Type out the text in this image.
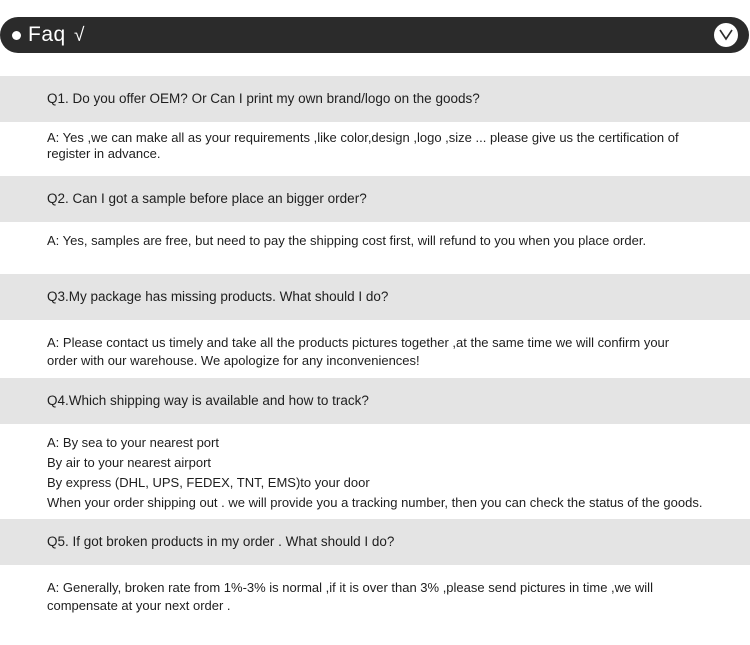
Faq √
Q1. Do you offer OEM? Or Can I print my own brand/logo on the goods?
A: Yes ,we can make all as your requirements ,like color,design ,logo ,size ... please give us the certification of
register in advance.
Q2. Can I got a sample before place an bigger order?
A: Yes, samples are free, but need to pay the shipping cost first, will refund to you when you place order.
Q3.My package has missing products. What should I do?
A: Please contact us timely and take all the products pictures together ,at the same time we will confirm your
order with our warehouse. We apologize for any inconveniences!
Q4.Which shipping way is available and how to track?
A: By sea to your nearest port
By air to your nearest airport
By express (DHL, UPS, FEDEX, TNT, EMS)to your door
When your order shipping out . we will provide you a tracking number, then you can check the status of the goods.
Q5. If got broken products in my order . What should I do?
A: Generally, broken rate from 1%-3% is normal ,if it is over than 3% ,please send pictures in time ,we will
compensate at your next order .
